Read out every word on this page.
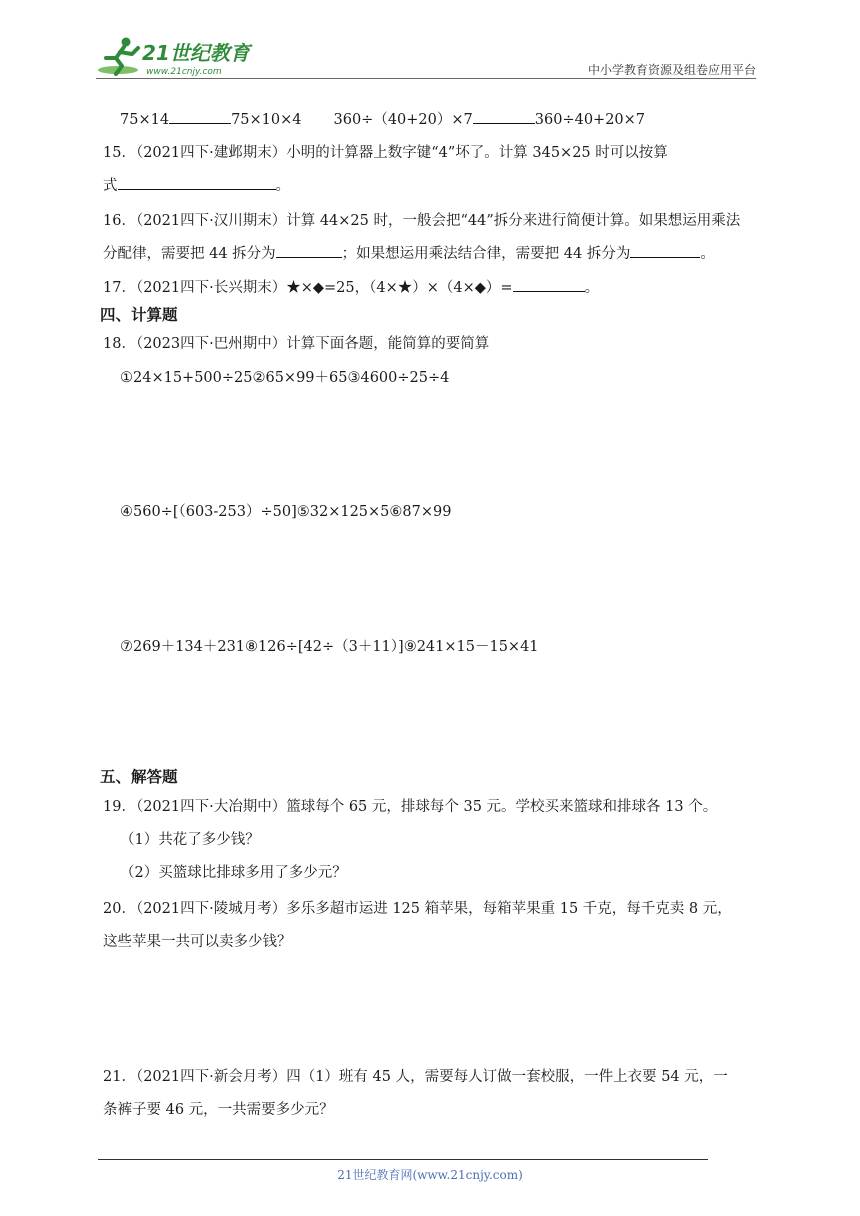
21世纪教育
www.21cnjy.com	中小学教育资源及组卷应用平台
75×14	75×10×4 360÷（40+20）×7	360÷40+20×7
15．（2021四下·建邺期末）小明的计算器上数字键“4”坏了。计算 345×25 时可以按算
式	。
16．（2021四下·汉川期末）计算 44×25 时，一般会把“44”拆分来进行简便计算。如果想运用乘法
分配律，需要把 44 拆分为	；如果想运用乘法结合律，需要把 44 拆分为	。
17．（2021四下·长兴期末）★×◆=25，（4×★）×（4×◆）=	。
四、计算题
18．（2023四下·巴州期中）计算下面各题，能简算的要简算
①24×15+500÷25②65×99＋65③4600÷25÷4
④560÷[（603-253）÷50]⑤32×125×5⑥87×99
⑦269＋134＋231⑧126÷[42÷（3＋11）]⑨241×15－15×41
五、解答题
19．（2021四下·大冶期中）篮球每个 65 元，排球每个 35 元。学校买来篮球和排球各 13 个。
（1）共花了多少钱？
（2）买篮球比排球多用了多少元？
20．（2021四下·陵城月考）多乐多超市运进 125 箱苹果，每箱苹果重 15 千克，每千克卖 8 元，
这些苹果一共可以卖多少钱？
21．（2021四下·新会月考）四（1）班有 45 人，需要每人订做一套校服，一件上衣要 54 元，一
条裤子要 46 元，一共需要多少元？
21世纪教育网(www.21cnjy.com)
